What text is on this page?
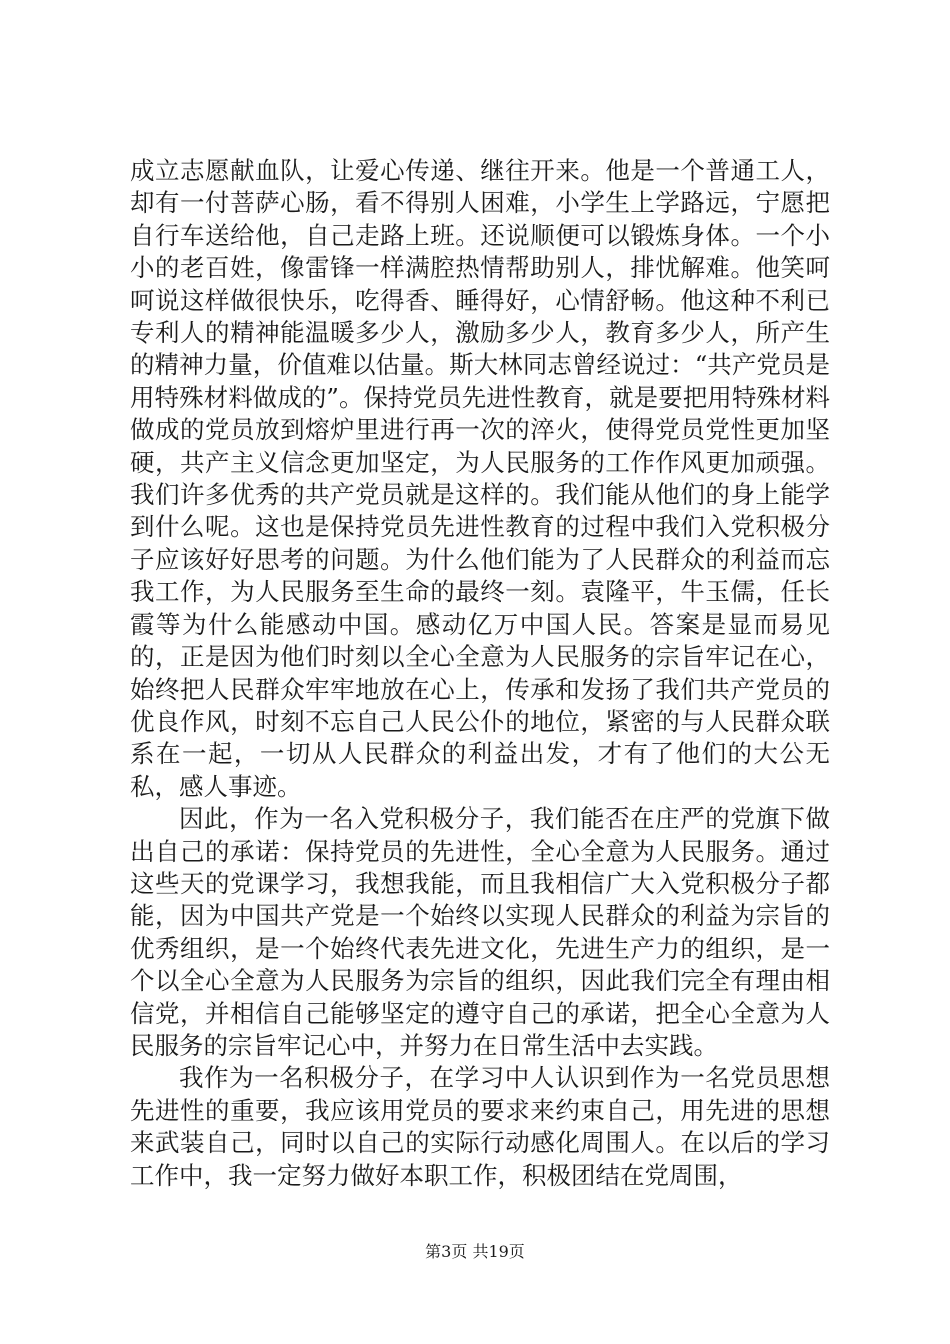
成立志愿献血队，让爱心传递、继往开来。他是一个普通工人，却有一付菩萨心肠，看不得别人困难，小学生上学路远，宁愿把自行车送给他，自己走路上班。还说顺便可以锻炼身体。一个小小的老百姓，像雷锋一样满腔热情帮助别人，排忧解难。他笑呵呵说这样做很快乐，吃得香、睡得好，心情舒畅。他这种不利已专利人的精神能温暖多少人，激励多少人，教育多少人，所产生的精神力量，价值难以估量。斯大林同志曾经说过：“共产党员是用特殊材料做成的”。保持党员先进性教育，就是要把用特殊材料做成的党员放到熔炉里进行再一次的淬火，使得党员党性更加坚硬，共产主义信念更加坚定，为人民服务的工作作风更加顽强。我们许多优秀的共产党员就是这样的。我们能从他们的身上能学到什么呢。这也是保持党员先进性教育的过程中我们入党积极分子应该好好思考的问题。为什么他们能为了人民群众的利益而忘我工作，为人民服务至生命的最终一刻。袁隆平，牛玉儒，任长霞等为什么能感动中国。感动亿万中国人民。答案是显而易见的，正是因为他们时刻以全心全意为人民服务的宗旨牢记在心，始终把人民群众牢牢地放在心上，传承和发扬了我们共产党员的优良作风，时刻不忘自己人民公仆的地位，紧密的与人民群众联系在一起，一切从人民群众的利益出发，才有了他们的大公无私，感人事迹。

因此，作为一名入党积极分子，我们能否在庄严的党旗下做出自己的承诺：保持党员的先进性，全心全意为人民服务。通过这些天的党课学习，我想我能，而且我相信广大入党积极分子都能，因为中国共产党是一个始终以实现人民群众的利益为宗旨的优秀组织，是一个始终代表先进文化，先进生产力的组织，是一个以全心全意为人民服务为宗旨的组织，因此我们完全有理由相信党，并相信自己能够坚定的遵守自己的承诺，把全心全意为人民服务的宗旨牢记心中，并努力在日常生活中去实践。

我作为一名积极分子，在学习中人认识到作为一名党员思想先进性的重要，我应该用党员的要求来约束自己，用先进的思想来武装自己，同时以自己的实际行动感化周围人。在以后的学习工作中，我一定努力做好本职工作，积极团结在党周围，

第3页 共19页
